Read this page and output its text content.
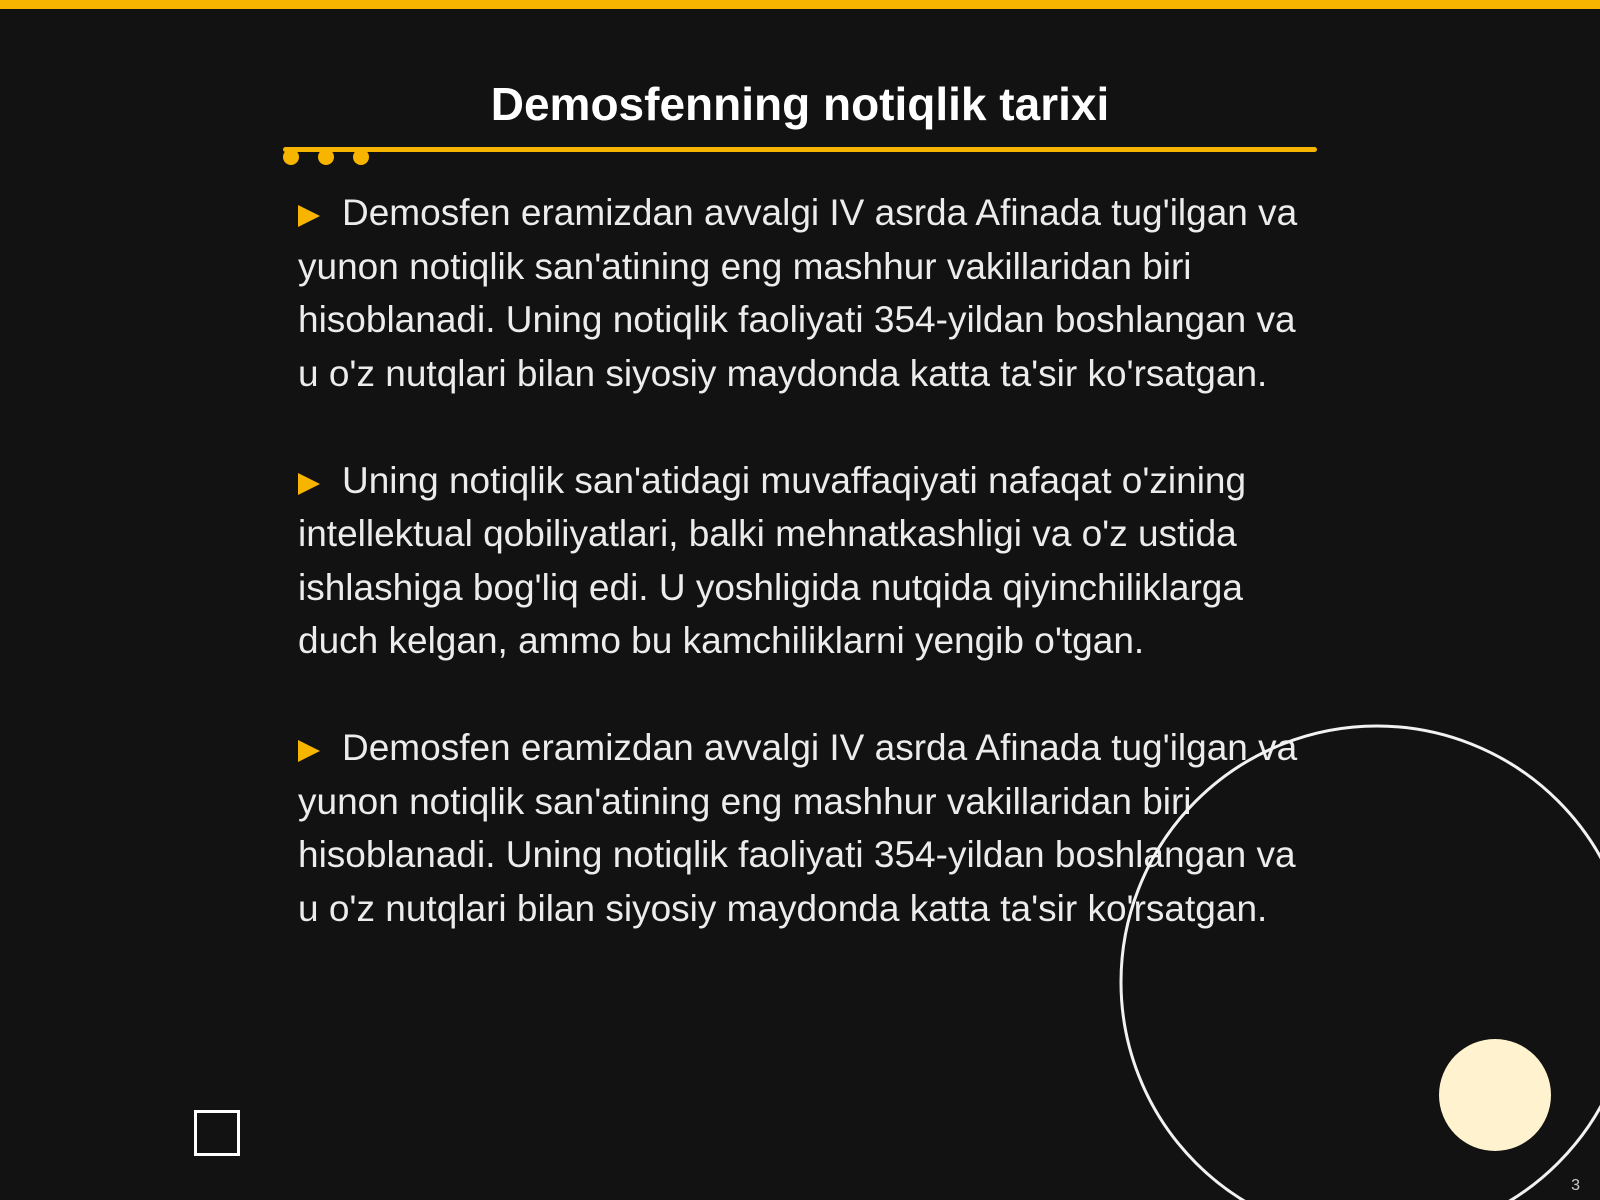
Demosfenning notiqlik tarixi
Demosfen eramizdan avvalgi IV asrda Afinada tug'ilgan va yunon notiqlik san'atining eng mashhur vakillaridan biri hisoblanadi. Uning notiqlik faoliyati 354-yildan boshlangan va u o'z nutqlari bilan siyosiy maydonda katta ta'sir ko'rsatgan.
Uning notiqlik san'atidagi muvaffaqiyati nafaqat o'zining intellektual qobiliyatlari, balki mehnatkashligi va o'z ustida ishlashiga bog'liq edi. U yoshligida nutqida qiyinchiliklarga duch kelgan, ammo bu kamchiliklarni yengib o'tgan.
Demosfen eramizdan avvalgi IV asrda Afinada tug'ilgan va yunon notiqlik san'atining eng mashhur vakillaridan biri hisoblanadi. Uning notiqlik faoliyati 354-yildan boshlangan va u o'z nutqlari bilan siyosiy maydonda katta ta'sir ko'rsatgan.
3
